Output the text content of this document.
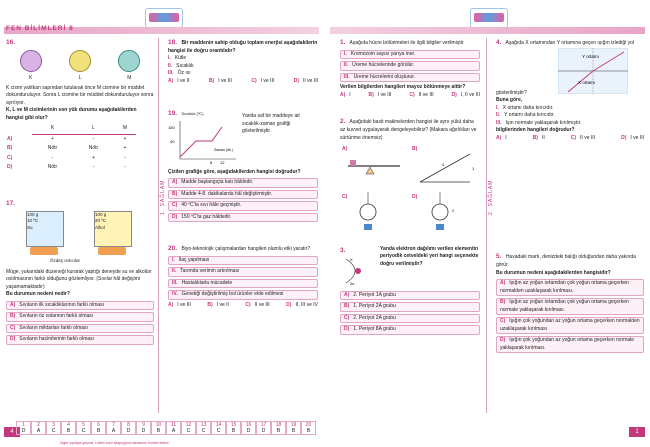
FEN BİLİMLERİ 8
16.

K	L	M
K cismi yalıtkan sapından tutularak önce M cismine bir müddet dokunduruluyor. Sonra L cismine bir müddet dokunduruluyor sonra ayrılıyor.
K, L ve M cisimlerinin son yük durumu aşağıdakilerden hangisi gibi olur?
	K	L	M
A)	+	-	+
B)	Nötr	Nötr	+
C)	-	+	-
D)	Nötr	-	-
17.
100 g
10 ºC
Su
100 g
20 ºC
Alkol
Özdeş ısıtıcılar
Müge, yukarıdaki düzeneği kurarak yaptığı deneyde su ve alkolün ısıtılmasının farklı olduğunu gözlemliyor. (Sıvılar hâl değişimi yaşamamaktadır)
Bu durumun nedeni nedir?
A) Sıvıların ilk sıcaklıklarının farklı olması
B) Sıvıların öz ısılarının farklı olması
C) Sıvıların miktarları farklı olması
D) Sıvıların hacimlerinin farklı olması
1. SAĞLAM
18. Bir maddenin sahip olduğu toplam enerjisi aşağıdakilerin hangisi ile doğru orantılıdır?
I. Kütle
II. Sıcaklık
III. Öz ısı
A) I ve II	B) I ve III	C) I ve III	D) II ve III
19. Sıcaklık (ºC)
150
40
8 12
Zaman (dk.)
Yanda saf bir maddeye ait sıcaklık-zaman grafiği gösterilmiştir.
Çizilen grafiğe göre, aşağıdakilerden hangisi doğrudur?
A) Madde başlangıçta katı hâldedir.
B) Madde 4-8. dakikalarda hâl değiştirmiştir.
C) 40 ºC'ta sıvı hâle geçmiştir.
D) 150 ºC'ta gaz hâldedir.
20. Biyo-teknolojik çalışmalardan hangileri olumlu etki yaratır?
I. İlaç yapılması
II. Tarımda verimin artırılması
III. Hastalıklarla mücadele
IV. Genetiği değiştirilmiş bol ürünler elde edilmesi
A) I ve III	B) I ve II	C) II ve III	D) II, III ve IV
4
1
D
2
A
3
C
4
B
5
C
6
B
7
A
8
D
9
D
10
B
11
A
12
C
13
C
14
C
15
B
16
D
17
D
18
B
19
B
20
B
Diğer sayfaya geçiniz. Lütfen soru kitapçığının tamamını kontrol ediniz.
1. Aşağıda hücre bölünmeleri ile ilgili bilgiler verilmiştir.
I. Kromozom sayısı yarıya iner.
II. Üreme hücrelerinde görülür.
III. Üreme hücrelerini oluşturur.
Verilen bilgilerden hangileri mayoz bölünmeye aittir?
A) I	B) I ve III	C) II ve III	D) I, II ve III
2. Aşağıdaki basit makinelerden hangisi ile aynı yükü daha az kuvvet uygulayarak dengeleyebiliriz? (Makara ağırlıkları ve sürtünme önemsiz)
A)	B)
4
1
C)	D)
2
3.
X
2e
Yanda elektron dağılımı verilen elementin periyodik cetveldeki yeri hangi seçenekte doğru verilmiştir?
A) 2. Periyot 1A grubu
B) 1. Periyot 2A grubu
C) 2. Periyot 2A grubu
D) 1. Periyot 8A grubu
2. SAĞLAM
4. Aşağıda X ortamından Y ortamına geçen ışığın izlediği yol gösterilmiştir?
Y ortamı
X ortamı
Buna göre,
I. X ortamı daha kırıcıdır.
II. Y ortamı daha kırıcıdır.
III. Işın normale yaklaşarak kırılmıştır.
bilgilerinden hangileri doğrudur?
A) I	B) II	C) II ve III	D) I ve III
5. Havadaki martı, denizdeki balığı olduğundan daha yakında görür.
Bu durumun nedeni aşağıdakilerden hangisidir?
A) Işığın az yoğun ortamdan çok yoğun ortama geçerken normalden uzaklaşarak kırılması.
B) Işığın az yoğun ortamdan çok yoğun ortama geçerken normale yaklaşarak kırılması.
C) Işığın çok yoğundan az yoğun ortama geçerken normalden uzaklaşarak kırılması
D) Işığın çok yoğundan az yoğun ortama geçerken normale yaklaşarak kırılması.
1
